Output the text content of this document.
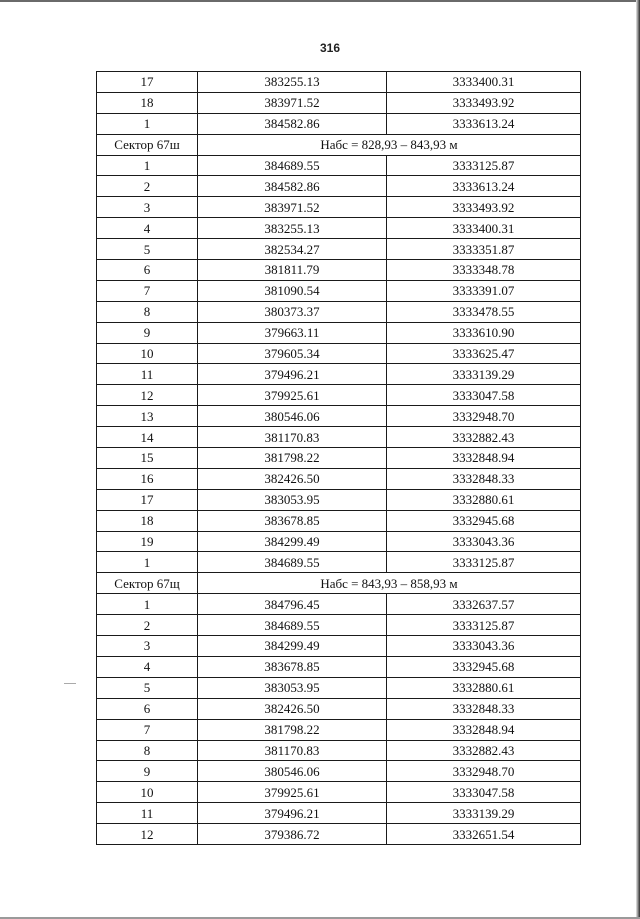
316
17	383255.13	3333400.31
18	383971.52	3333493.92
1	384582.86	3333613.24
Сектор 67ш	Набс = 828,93 – 843,93 м	
1	384689.55	3333125.87
2	384582.86	3333613.24
3	383971.52	3333493.92
4	383255.13	3333400.31
5	382534.27	3333351.87
6	381811.79	3333348.78
7	381090.54	3333391.07
8	380373.37	3333478.55
9	379663.11	3333610.90
10	379605.34	3333625.47
11	379496.21	3333139.29
12	379925.61	3333047.58
13	380546.06	3332948.70
14	381170.83	3332882.43
15	381798.22	3332848.94
16	382426.50	3332848.33
17	383053.95	3332880.61
18	383678.85	3332945.68
19	384299.49	3333043.36
1	384689.55	3333125.87
Сектор 67щ	Набс = 843,93 – 858,93 м	
1	384796.45	3332637.57
2	384689.55	3333125.87
3	384299.49	3333043.36
4	383678.85	3332945.68
5	383053.95	3332880.61
6	382426.50	3332848.33
7	381798.22	3332848.94
8	381170.83	3332882.43
9	380546.06	3332948.70
10	379925.61	3333047.58
11	379496.21	3333139.29
12	379386.72	3332651.54
